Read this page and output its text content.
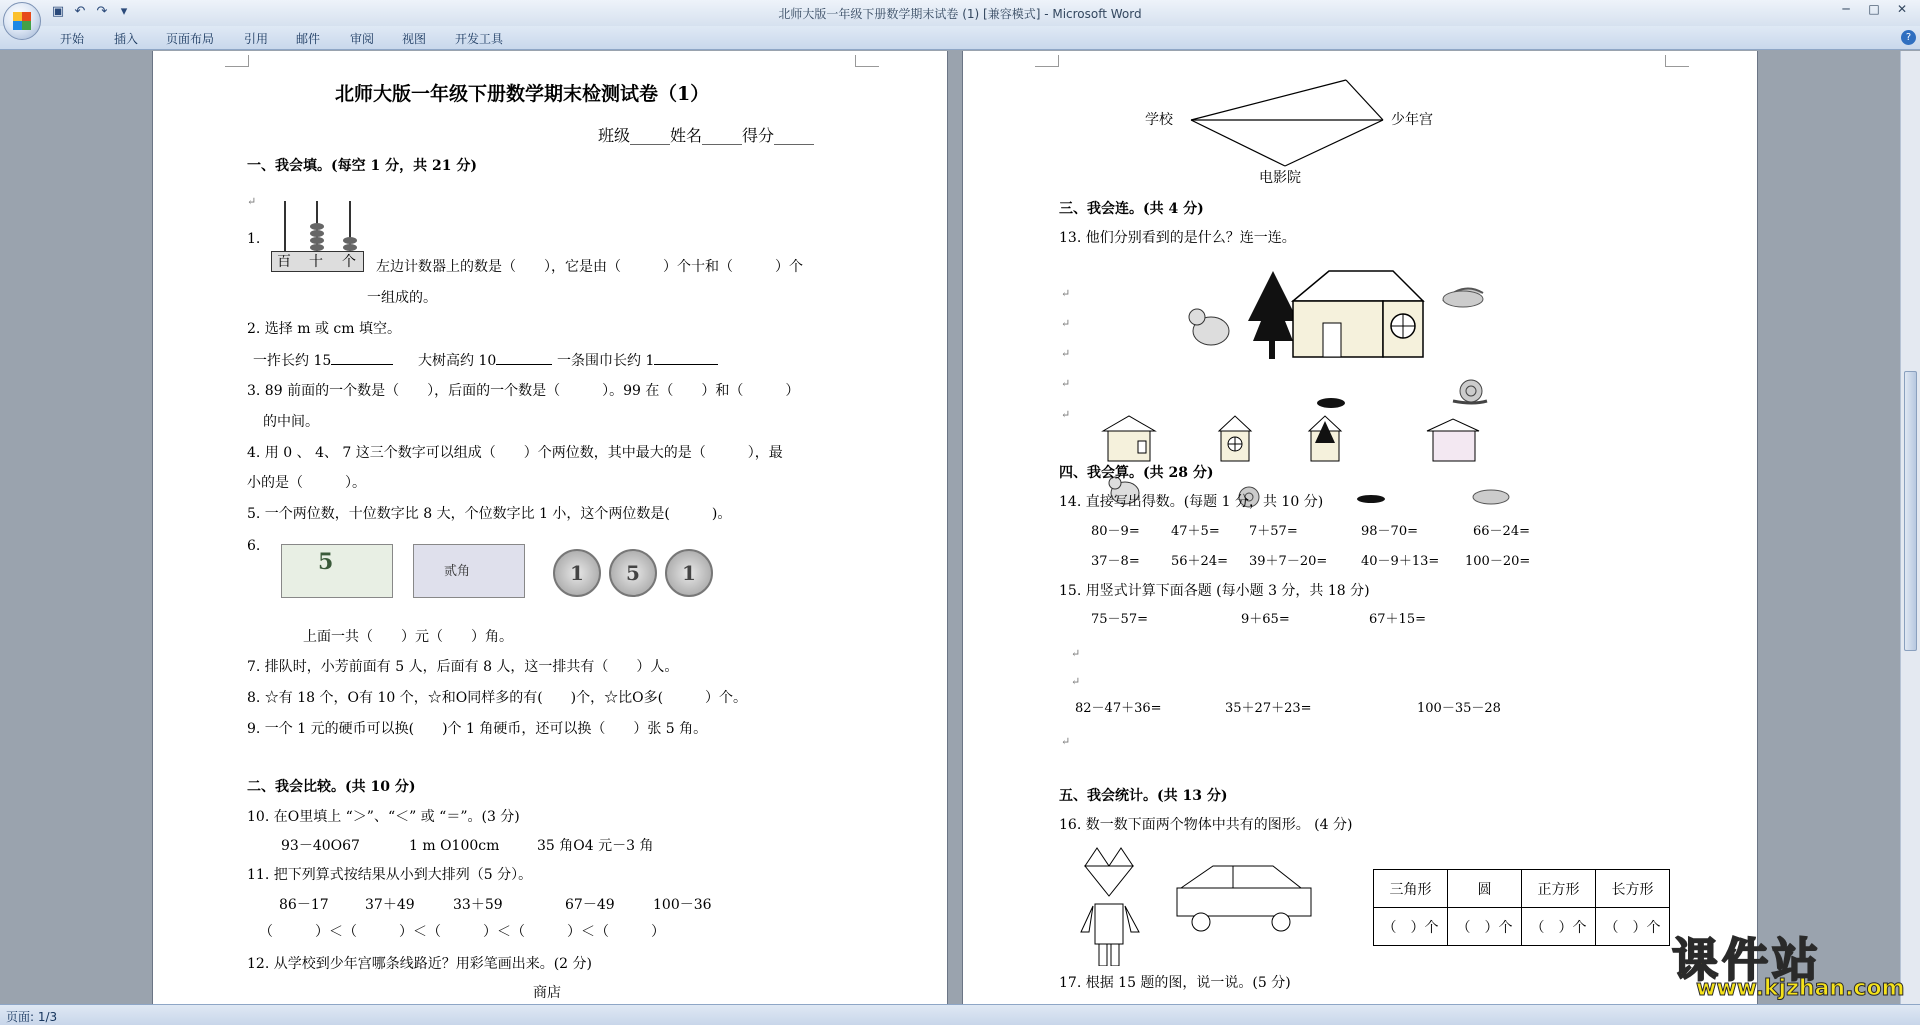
▣ ↶ ↷	▾	北师大版一年级下册数学期末试卷 (1) [兼容模式] - Microsoft Word	─	□	✕
开始 插入 页面布局 引用 邮件 审阅 视图 开发工具	?
北师大版一年级下册数学期末检测试卷（1）
班级_____姓名_____得分_____
一、我会填。(每空 1 分，共 21 分)
↵
1.
百 十 个 左边计数器上的数是（　　），它是由（　　　）个十和（　　　）个
一组成的。
2. 选择 m 或 cm 填空。
一拃长约 15	大树高约 10	一条围巾长约 1
3. 89 前面的一个数是（　　），后面的一个数是（　　　）。99 在（　　）和（　　　）
的中间。
4. 用 0 、 4、 7 这三个数字可以组成（　　）个两位数，其中最大的是（　　　），最
小的是（　　　）。
5. 一个两位数，十位数字比 8 大，个位数字比 1 小，这个两位数是(　　　)。
6.
5	贰角	1	5	1
上面一共（　　）元（　　）角。
7. 排队时，小芳前面有 5 人，后面有 8 人，这一排共有（　　）人。
8. ☆有 18 个，O有 10 个，☆和O同样多的有(　　)个，☆比O多(　　　）个。
9. 一个 1 元的硬币可以换(　　)个 1 角硬币，还可以换（　　）张 5 角。
二、我会比较。(共 10 分)
10. 在O里填上 “＞”、“＜” 或 “＝”。(3 分)
93－40O67	1 m O100cm	35 角O4 元－3 角
11. 把下列算式按结果从小到大排列（5 分）。
86－17	37＋49	33＋59	67－49	100－36
（　　　）＜（　　　）＜（　　　）＜（　　　）＜（　　　）
12. 从学校到少年宫哪条线路近？用彩笔画出来。(2 分)
商店
学校	少年宫
电影院
三、我会连。(共 4 分)
13. 他们分别看到的是什么？连一连。
↵
↵
↵
↵
↵
四、我会算。(共 28 分)
14. 直接写出得数。(每题 1 分，共 10 分)
80－9= 47＋5= 7＋57=	98－70=	66－24=
37－8= 56＋24= 39＋7－20=	40－9＋13= 100－20=
15. 用竖式计算下面各题 (每小题 3 分，共 18 分)
75－57=	9＋65=	67＋15=
↵
↵
82－47＋36=	35＋27＋23=	100－35－28
↵
五、我会统计。(共 13 分)
16. 数一数下面两个物体中共有的图形。 (4 分)
三角形	圆	正方形	长方形
（　）个	（　）个	（　）个	（　）个
17. 根据 15 题的图，说一说。(5 分)	课件站
www.kjzhan.com
页面: 1/3
